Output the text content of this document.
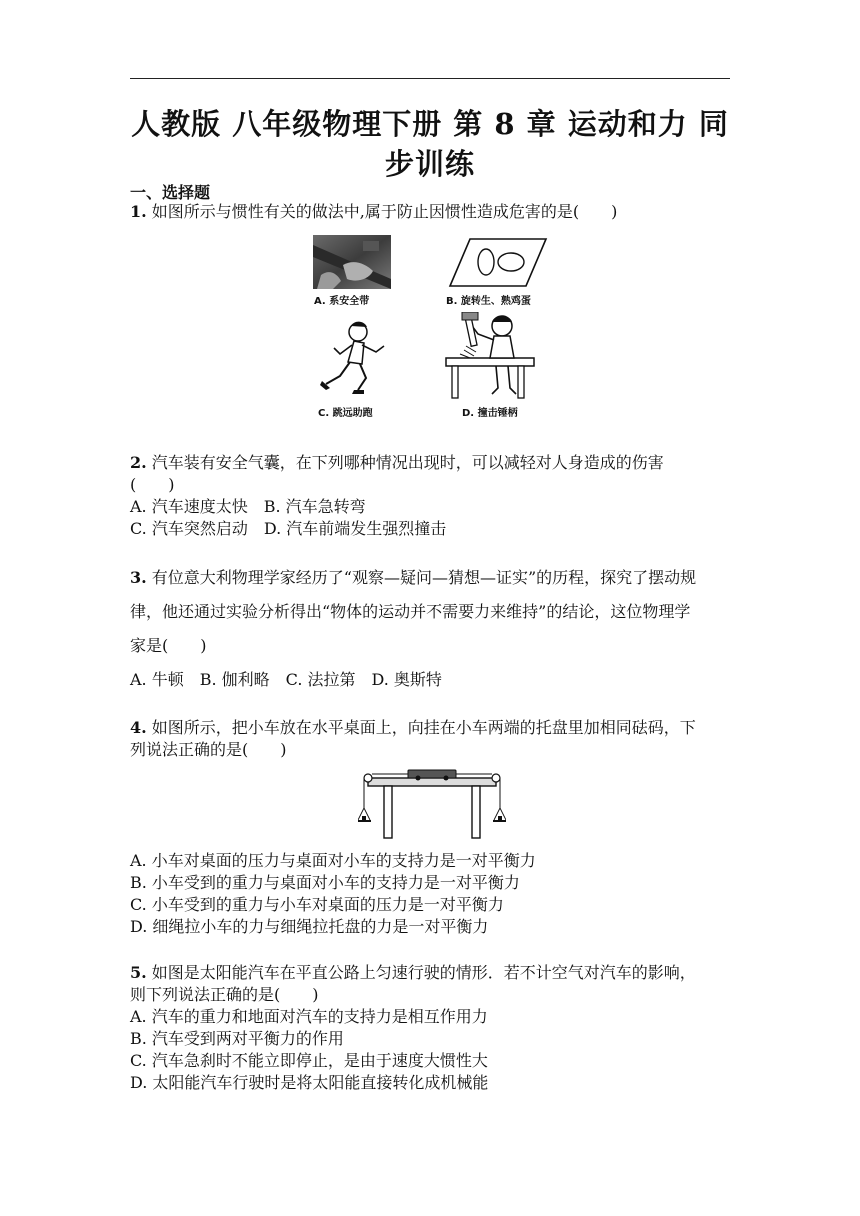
人教版 八年级物理下册 第 8 章 运动和力 同
步训练
一、选择题
1. 如图所示与惯性有关的做法中,属于防止因惯性造成危害的是(　　)
A. 系安全带	B. 旋转生、熟鸡蛋
C. 跳远助跑	D. 撞击锤柄
2. 汽车装有安全气囊，在下列哪种情况出现时，可以减轻对人身造成的伤害
(　　)
A. 汽车速度太快　B. 汽车急转弯
C. 汽车突然启动　D. 汽车前端发生强烈撞击
3. 有位意大利物理学家经历了“观察—疑问—猜想—证实”的历程，探究了摆动规
律，他还通过实验分析得出“物体的运动并不需要力来维持”的结论，这位物理学
家是(　　)
A. 牛顿　B. 伽利略　C. 法拉第　D. 奥斯特
4. 如图所示，把小车放在水平桌面上，向挂在小车两端的托盘里加相同砝码，下
列说法正确的是(　　)
A. 小车对桌面的压力与桌面对小车的支持力是一对平衡力
B. 小车受到的重力与桌面对小车的支持力是一对平衡力
C. 小车受到的重力与小车对桌面的压力是一对平衡力
D. 细绳拉小车的力与细绳拉托盘的力是一对平衡力
5. 如图是太阳能汽车在平直公路上匀速行驶的情形．若不计空气对汽车的影响，
则下列说法正确的是(　　)
A. 汽车的重力和地面对汽车的支持力是相互作用力
B. 汽车受到两对平衡力的作用
C. 汽车急刹时不能立即停止，是由于速度大惯性大
D. 太阳能汽车行驶时是将太阳能直接转化成机械能
